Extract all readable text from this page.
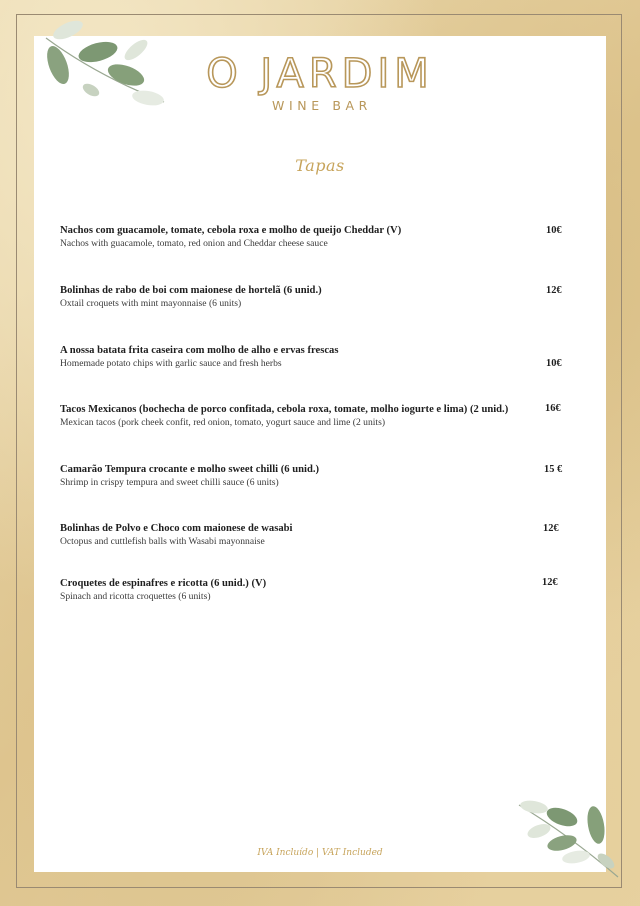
O JARDIM
WINE BAR
Tapas
Nachos com guacamole, tomate, cebola roxa e molho de queijo Cheddar (V)
Nachos with guacamole, tomato, red onion and Cheddar cheese sauce
10€
Bolinhas de rabo de boi com maionese de hortelã (6 unid.)
Oxtail croquets with mint mayonnaise (6 units)
12€
A nossa batata frita caseira com molho de alho e ervas frescas
Homemade potato chips with garlic sauce and fresh herbs	10€
Tacos Mexicanos (bochecha de porco confitada, cebola roxa, tomate, molho iogurte e lima) (2 unid.)
Mexican tacos (pork cheek confit, red onion, tomato, yogurt sauce and lime (2 units)
16€
Camarão Tempura crocante e molho sweet chilli (6 unid.)
Shrimp in crispy tempura and sweet chilli sauce (6 units)
15 €
Bolinhas de Polvo e Choco com maionese de wasabi
Octopus and cuttlefish balls with Wasabi mayonnaise
12€
Croquetes de espinafres e ricotta (6 unid.) (V)
Spinach and ricotta croquettes (6 units)
12€
IVA Incluído | VAT Included
